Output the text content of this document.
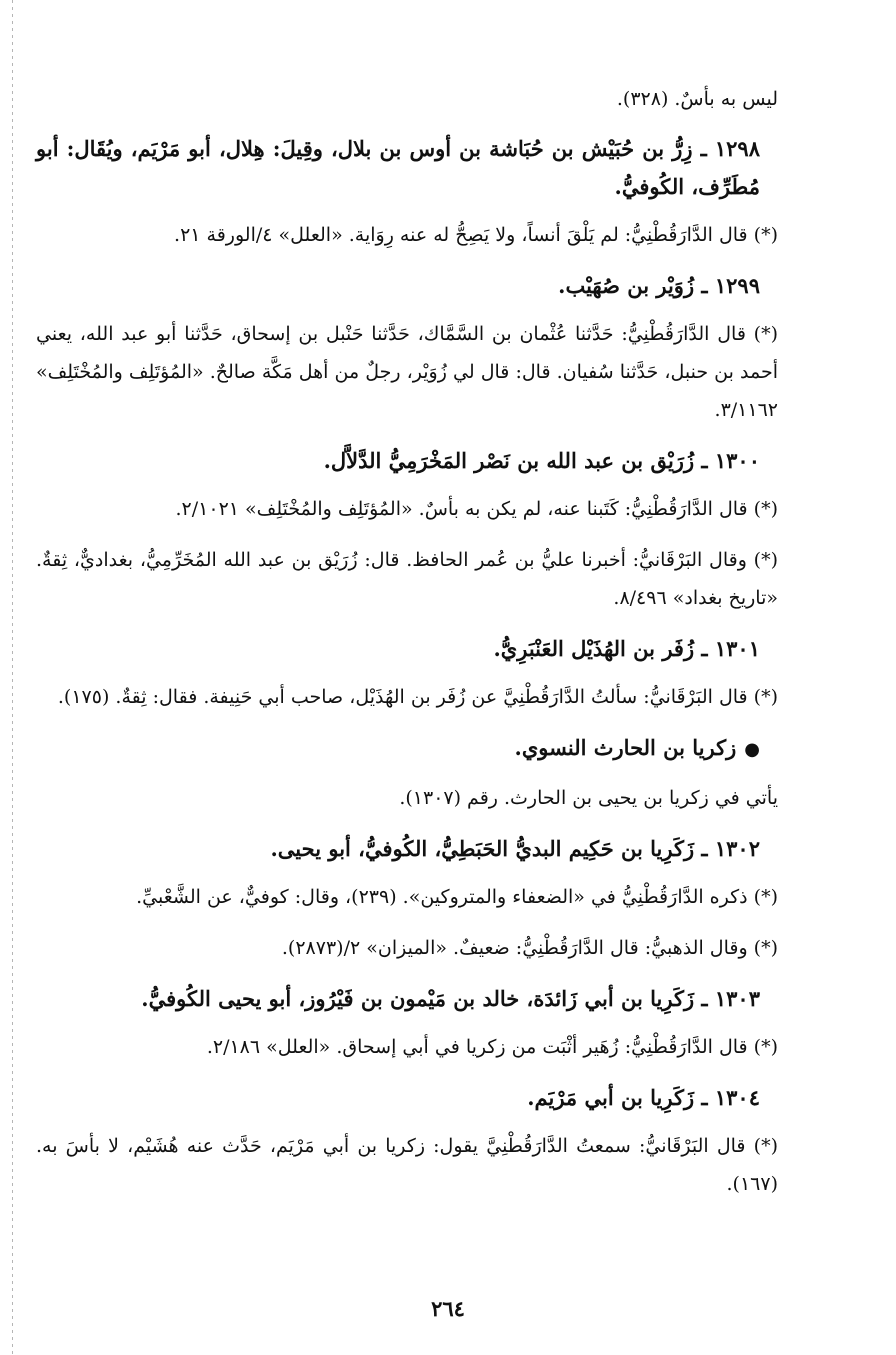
ليس به بأسٌ. (٣٢٨).
١٢٩٨ ـ زِرُّ بن حُبَيْش بن حُبَاشة بن أوس بن بلال، وقِيلَ: هِلال، أبو مَرْيَم، ويُقَال: أبو مُطَرِّف، الكُوفيُّ.
(*) قال الدَّارَقُطْنِيُّ: لم يَلْقَ أنساً، ولا يَصِحُّ له عنه رِوَاية. «العلل» ٤/الورقة ٢١.
١٢٩٩ ـ زُوَيْر بن صُهَيْب.
(*) قال الدَّارَقُطْنِيُّ: حَدَّثنا عُثْمان بن السَّمَّاك، حَدَّثنا حَنْبل بن إسحاق، حَدَّثنا أبو عبد الله، يعني أحمد بن حنبل، حَدَّثنا سُفيان. قال: قال لي زُوَيْر، رجلٌ من أهل مَكَّة صالحٌ. «المُؤتَلِف والمُخْتَلِف» ٣/١١٦٢.
١٣٠٠ ـ زُرَيْق بن عبد الله بن نَصْر المَخْرَمِيُّ الدَّلاَّل.
(*) قال الدَّارَقُطْنِيُّ: كَتَبنا عنه، لم يكن به بأسٌ. «المُؤتَلِف والمُخْتَلِف» ٢/١٠٢١.
(*) وقال البَرْقَانيُّ: أخبرنا عليُّ بن عُمر الحافظ. قال: زُرَيْق بن عبد الله المُخَرِّمِيُّ، بغداديٌّ، ثِقةٌ. «تاريخ بغداد» ٨/٤٩٦.
١٣٠١ ـ زُفَر بن الهُذَيْل العَنْبَرِيُّ.
(*) قال البَرْقَانيُّ: سألتُ الدَّارَقُطْنِيَّ عن زُفَر بن الهُذَيْل، صاحب أبي حَنِيفة. فقال: ثِقةٌ. (١٧٥).
●زكريا بن الحارث النسوي.
يأتي في زكريا بن يحيى بن الحارث. رقم (١٣٠٧).
١٣٠٢ ـ زَكَرِيا بن حَكِيم البديُّ الحَبَطِيُّ، الكُوفيُّ، أبو يحيى.
(*) ذكره الدَّارَقُطْنِيُّ في «الضعفاء والمتروكين». (٢٣٩)، وقال: كوفيٌّ، عن الشَّعْبيِّ.
(*) وقال الذهبيُّ: قال الدَّارَقُطْنِيُّ: ضعيفٌ. «الميزان» ٢/(٢٨٧٣).
١٣٠٣ ـ زَكَرِيا بن أبي زَائدَة، خالد بن مَيْمون بن فَيْرُوز، أبو يحيى الكُوفيُّ.
(*) قال الدَّارَقُطْنِيُّ: زُهَير أثْبَت من زكريا في أبي إسحاق. «العلل» ٢/١٨٦.
١٣٠٤ ـ زَكَرِيا بن أبي مَرْيَم.
(*) قال البَرْقَانيُّ: سمعتُ الدَّارَقُطْنِيَّ يقول: زكريا بن أبي مَرْيَم، حَدَّث عنه هُشَيْم، لا بأسَ به. (١٦٧).
٢٦٤
